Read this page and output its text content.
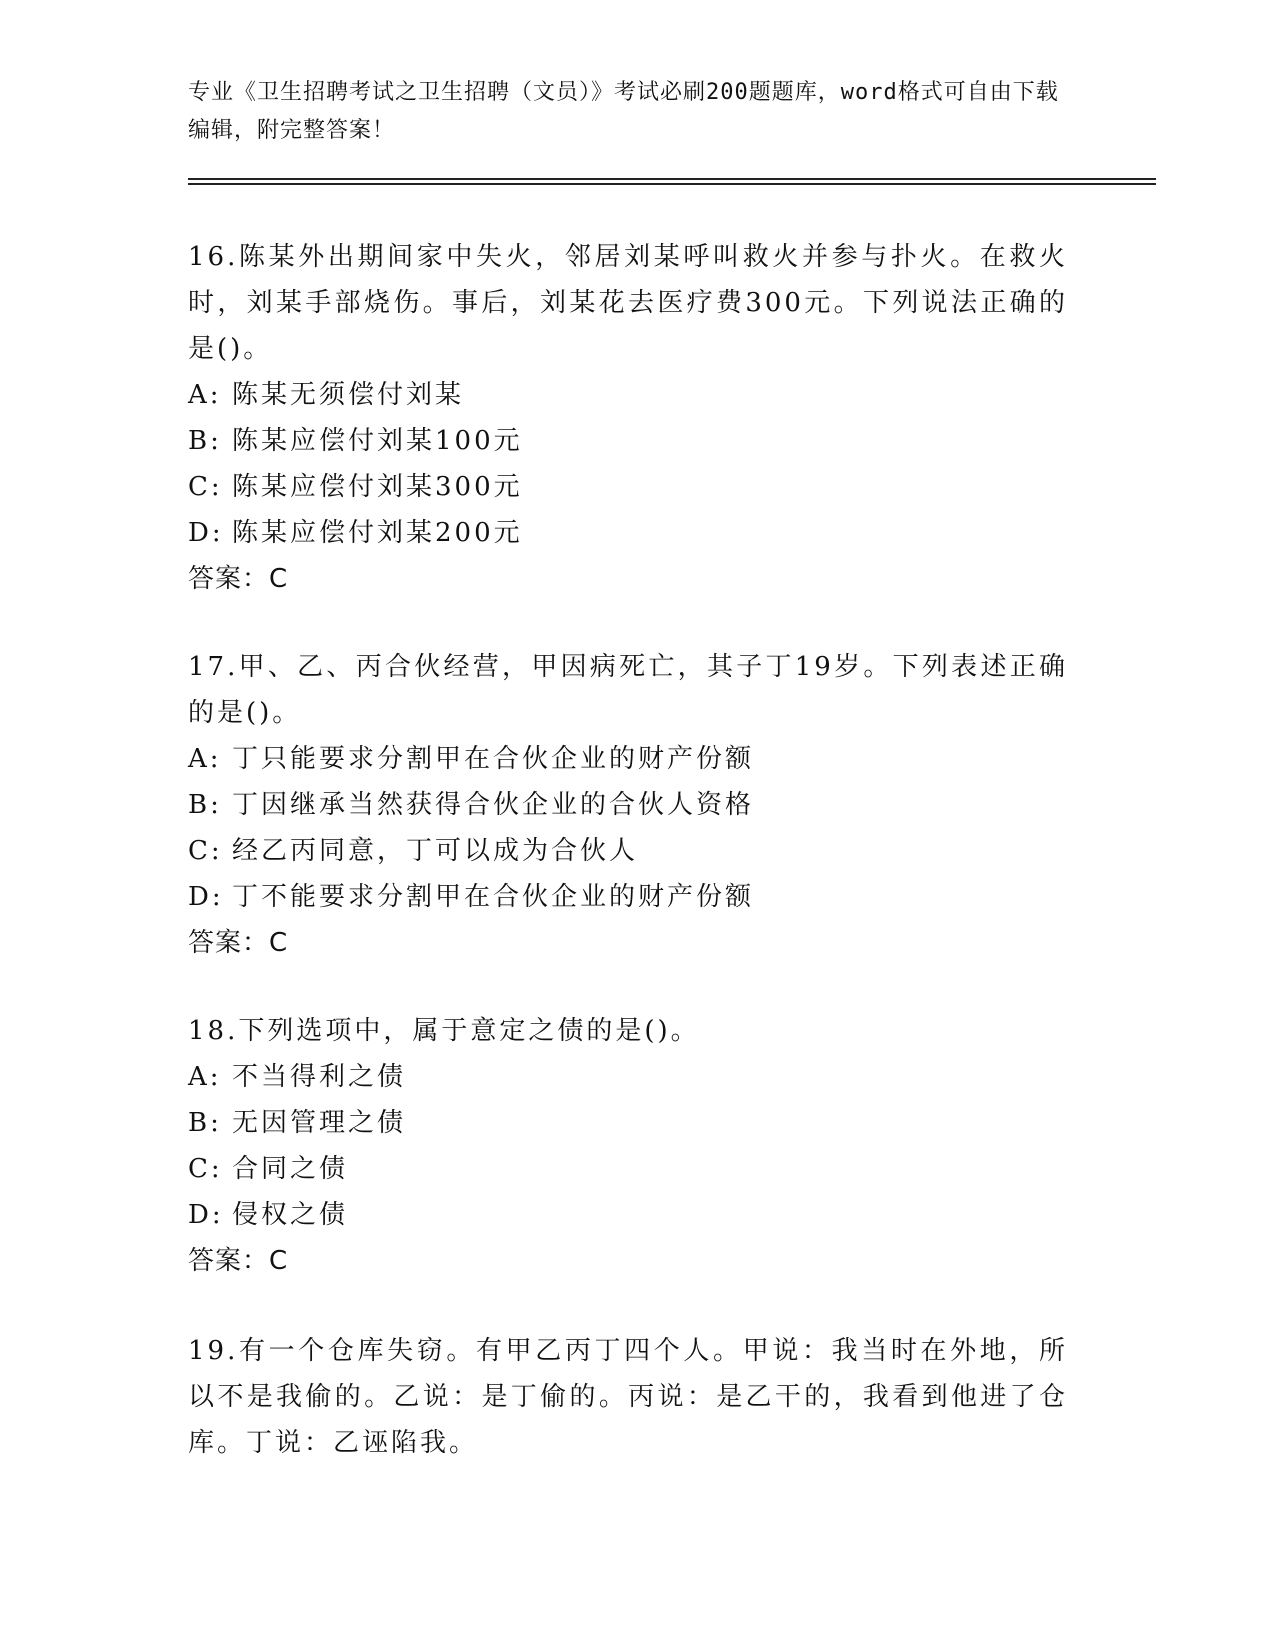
专业《卫生招聘考试之卫生招聘（文员）》考试必刷200题题库，word格式可自由下载编辑，附完整答案！

16.陈某外出期间家中失火，邻居刘某呼叫救火并参与扑火。在救火时，刘某手部烧伤。事后，刘某花去医疗费300元。下列说法正确的是()。

A: 陈某无须偿付刘某
B: 陈某应偿付刘某100元
C: 陈某应偿付刘某300元
D: 陈某应偿付刘某200元
答案：C

17.甲、乙、丙合伙经营，甲因病死亡，其子丁19岁。下列表述正确的是()。

A: 丁只能要求分割甲在合伙企业的财产份额
B: 丁因继承当然获得合伙企业的合伙人资格
C: 经乙丙同意，丁可以成为合伙人
D: 丁不能要求分割甲在合伙企业的财产份额
答案：C

18.下列选项中，属于意定之债的是()。

A: 不当得利之债
B: 无因管理之债
C: 合同之债
D: 侵权之债
答案：C

19.有一个仓库失窃。有甲乙丙丁四个人。甲说：我当时在外地，所以不是我偷的。乙说：是丁偷的。丙说：是乙干的，我看到他进了仓库。丁说：乙诬陷我。
